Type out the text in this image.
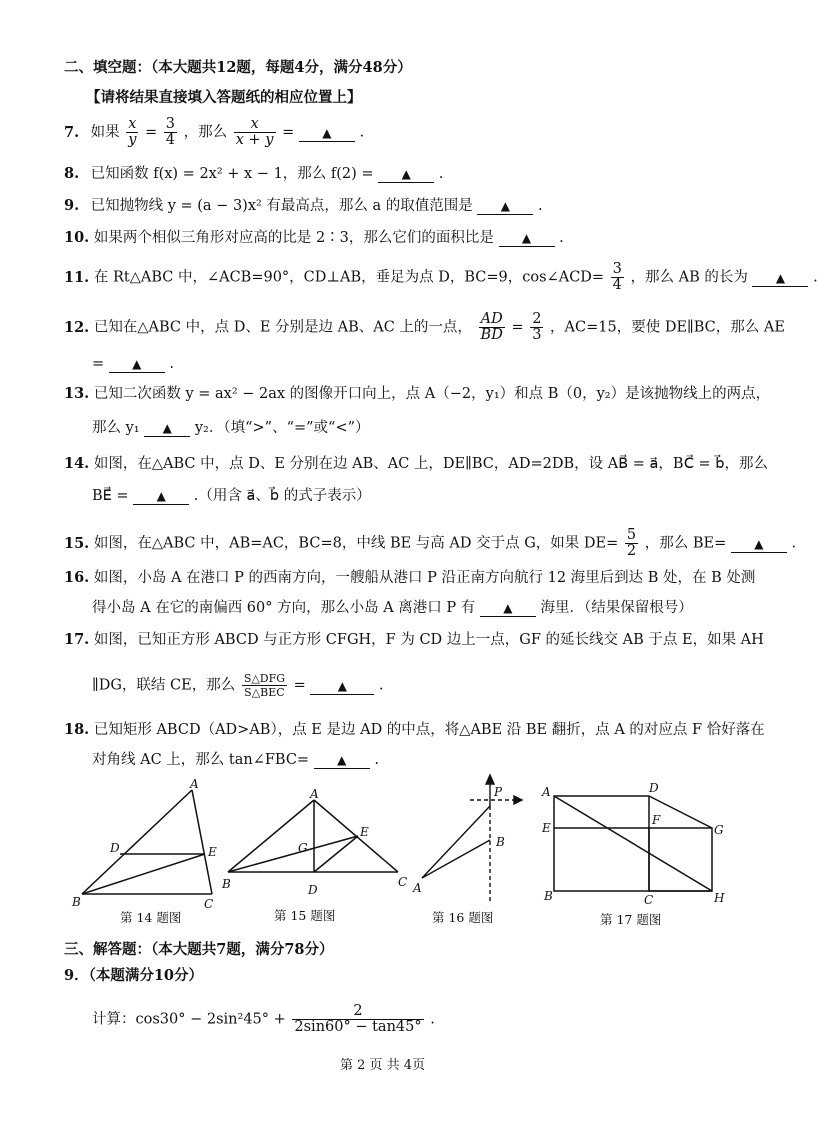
二、填空题：（本大题共12题，每题4分，满分48分）
【请将结果直接填入答题纸的相应位置上】
7. 如果 $\frac{x}{y} = \frac{3}{4}$ ，那么 $\frac{x}{x + y}$ = ▲ .
8. 已知函数 f(x) = 2x² + x − 1，那么 f(2) = ▲ .
9. 已知抛物线 y = (a − 3)x² 有最高点，那么 a 的取值范围是 ▲ .
10. 如果两个相似三角形对应高的比是 2∶3，那么它们的面积比是 ▲ .
11. 在 Rt△ABC 中，∠ACB=90°，CD⊥AB，垂足为点 D，BC=9，cos∠ACD= $\frac{3}{4}$ ，那么 AB 的长为 ▲ .
12. 已知在△ABC 中，点 D、E 分别是边 AB、AC 上的一点， $\frac{AD}{BD} = \frac{2}{3}$ ，AC=15，要使 DE∥BC，那么 AE
= ▲ .
13. 已知二次函数 y = ax² − 2ax 的图像开口向上，点 A（−2，y₁）和点 B（0，y₂）是该抛物线上的两点，
那么 y₁ ▲ y₂．（填“>”、“=”或“<”）
14. 如图，在△ABC 中，点 D、E 分别在边 AB、AC 上，DE∥BC，AD=2DB，设 AB⃗ = a⃗，BC⃗ = b⃗，那么
BE⃗ = ▲ .（用含 a⃗、b⃗ 的式子表示）
15. 如图，在△ABC 中，AB=AC，BC=8，中线 BE 与高 AD 交于点 G，如果 $DE= \frac{5}{2}$ ，那么 BE= ▲ .
16. 如图，小岛 A 在港口 P 的西南方向，一艘船从港口 P 沿正南方向航行 12 海里后到达 B 处，在 B 处测
得小岛 A 在它的南偏西 60° 方向，那么小岛 A 离港口 P 有 ▲ 海里．（结果保留根号）
17. 如图，已知正方形 ABCD 与正方形 CFGH，F 为 CD 边上一点，GF 的延长线交 AB 于点 E，如果 AH
∥DG，联结 CE，那么 $\frac{\text{S△DFG}}{\text{S△BEC}}$ =	▲ .
18. 已知矩形 ABCD（AD>AB），点 E 是边 AD 的中点，将△ABE 沿 BE 翻折，点 A 的对应点 F 恰好落在
对角线 AC 上，那么 tan∠FBC= ▲ .
A
B	C
D	E
第 14 题图
A
B	C
D
E
G
第 15 题图
P
A
B
第 16 题图
A	D
E
F
G
B	C	H
第 17 题图
三、解答题：（本大题共7题，满分78分）
9．（本题满分10分）
计算：$\cos 30^\circ - 2\sin^245^\circ + \frac{2}{2\sin 60^\circ - \tan 45^\circ}$ .
第 2 页 共 4页
